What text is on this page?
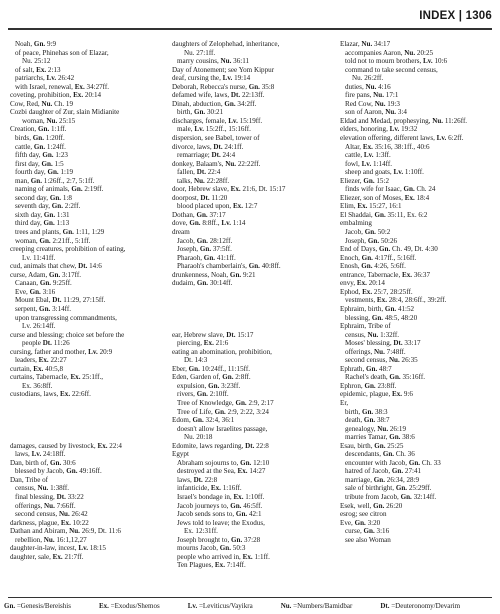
INDEX | 1306
Noah, Gn. 9:9
of peace, Phinehas son of Elazar,
Nu. 25:12
of salt, Ex. 2:13
patriarchs, Lv. 26:42
with Israel, renewal, Ex. 34:27ff.
coveting, prohibition, Ex. 20:14
Cow, Red, Nu. Ch. 19
Cozbi daughter of Zur, slain Midianite
woman, Nu. 25:15
Creation, Gn. 1:1ff.
birds, Gn. 1:20ff.
cattle, Gn. 1:24ff.
fifth day, Gn. 1:23
first day, Gn. 1:5
fourth day, Gn. 1:19
man, Gn. 1:26ff., 2:7, 5:1ff.
naming of animals, Gn. 2:19ff.
second day, Gn. 1:8
seventh day, Gn. 2:2ff.
sixth day, Gn. 1:31
third day, Gn. 1:13
trees and plants, Gn. 1:11, 1:29
woman, Gn. 2:21ff., 5:1ff.
creeping creatures, prohibition of eating,
Lv. 11:41ff.
cud, animals that chew, Dt. 14:6
curse, Adam, Gn. 3:17ff.
Canaan, Gn. 9:25ff.
Eve, Gn. 3:16
Mount Ebal, Dt. 11:29, 27:15ff.
serpent, Gn. 3:14ff.
upon transgressing commandments,
Lv. 26:14ff.
curse and blessing; choice set before the
people Dt. 11:26
cursing, father and mother, Lv. 20:9
leaders, Ex. 22:27
curtain, Ex. 40:5,8
curtains, Tabernacle, Ex. 25:1ff.,
Ex. 36:8ff.
custodians, laws, Ex. 22:6ff.
damages, caused by livestock, Ex. 22:4
laws, Lv. 24:18ff.
Dan, birth of, Gn. 30:6
blessed by Jacob, Gn. 49:16ff.
Dan, Tribe of
census, Nu. 1:38ff.
final blessing, Dt. 33:22
offerings, Nu. 7:66ff.
second census, Nu. 26:42
darkness, plague, Ex. 10:22
Dathan and Abiram, Nu. 26:9, Dt. 11:6
rebellion, Nu. 16:1,12,27
daughter-in-law, incest, Lv. 18:15
daughter, sale, Ex. 21:7ff.
daughters of Zelophehad, inheritance,
Nu. 27:1ff.
marry cousins, Nu. 36:11
Day of Atonement; see Yom Kippur
deaf, cursing the, Lv. 19:14
Deborah, Rebecca's nurse, Gn. 35:8
defamed wife, laws, Dt. 22:13ff.
Dinah, abduction, Gn. 34:2ff.
birth, Gn. 30:21
discharges, female, Lv. 15:19ff.
male, Lv. 15:2ff., 15:16ff.
dispersion, see Babel, tower of
divorce, laws, Dt. 24:1ff.
remarriage; Dt. 24:4
donkey, Balaam's, Nu. 22:22ff.
fallen, Dt. 22:4
talks, Nu. 22:28ff.
door, Hebrew slave, Ex. 21:6, Dt. 15:17
doorpost, Dt. 11:20
blood placed upon, Ex. 12:7
Dothan, Gn. 37:17
dove, Gn. 8:8ff., Lv. 1:14
dream
Jacob, Gn. 28:12ff.
Joseph, Gn. 37:5ff.
Pharaoh, Gn. 41:1ff.
Pharaoh's chamberlain's, Gn. 40:8ff.
drunkenness, Noah, Gn. 9:21
dudaim, Gn. 30:14ff.
ear, Hebrew slave, Dt. 15:17
piercing, Ex. 21:6
eating an abomination, prohibition,
Dt. 14:3
Eber, Gn. 10:24ff., 11:15ff.
Eden, Garden of, Gn. 2:8ff.
expulsion, Gn. 3:23ff.
rivers, Gn. 2:10ff.
Tree of Knowledge, Gn. 2:9, 2:17
Tree of Life, Gn. 2:9, 2:22, 3:24
Edom, Gn. 32:4, 36:1
doesn't allow Israelites passage,
Nu. 20:18
Edomite, laws regarding, Dt. 22:8
Egypt
Abraham sojourns to, Gn. 12:10
destroyed at the Sea, Ex. 14:27
laws, Dt. 22:8
infanticide, Ex. 1:16ff.
Israel's bondage in, Ex. 1:10ff.
Jacob journeys to, Gn. 46:5ff.
Jacob sends sons to, Gn. 42:1
Jews told to leave; the Exodus,
Ex. 12:31ff.
Joseph brought to, Gn. 37:28
mourns Jacob, Gn. 50:3
people who arrived in, Ex. 1:1ff.
Ten Plagues, Ex. 7:14ff.
Elazar, Nu. 34:17
accompanies Aaron, Nu. 20:25
told not to mourn brothers, Lv. 10:6
command to take second census,
Nu. 26:2ff.
duties, Nu. 4:16
fire pans, Nu. 17:1
Red Cow, Nu. 19:3
son of Aaron, Nu. 3:4
Eldad and Medad, prophesying, Nu. 11:26ff.
elders, honoring, Lv. 19:32
elevation offering, different laws, Lv. 6:2ff.
Altar, Ex. 35:16, 38:1ff., 40:6
cattle, Lv. 1:3ff.
fowl, Lv. 1:14ff.
sheep and goats, Lv. 1:10ff.
Eliezer, Gn. 15:2
finds wife for Isaac, Gn. Ch. 24
Eliezer, son of Moses, Ex. 18:4
Elim, Ex. 15:27, 16:1
El Shaddai, Gn. 35:11, Ex. 6:2
embalming
Jacob, Gn. 50:2
Joseph, Gn. 50:26
End of Days, Gn. Ch. 49, Dt. 4:30
Enoch, Gn. 4:17ff., 5:16ff.
Enosh, Gn. 4:26, 5:6ff.
entrance, Tabernacle, Ex. 36:37
envy, Ex. 20:14
Ephod, Ex. 25:7, 28:25ff.
vestments, Ex. 28:4, 28:6ff., 39:2ff.
Ephraim, birth, Gn. 41:52
blessing, Gn. 48:5, 48:20
Ephraim, Tribe of
census, Nu. 1:32ff.
Moses' blessing, Dt. 33:17
offerings, Nu. 7:48ff.
second census, Nu. 26:35
Ephrath, Gn. 48:7
Rachel's death, Gn. 35:16ff.
Ephron, Gn. 23:8ff.
epidemic, plague, Ex. 9:6
Er,
birth, Gn. 38:3
death, Gn. 38:7
genealogy, Nu. 26:19
marries Tamar, Gn. 38:6
Esau, birth, Gn. 25:25
descendants, Gn. Ch. 36
encounter with Jacob, Gn. Ch. 33
hatred of Jacob, Gn. 27:41
marriage, Gn. 26:34, 28:9
sale of birthright, Gn. 25:29ff.
tribute from Jacob, Gn. 32:14ff.
Esek, well, Gn. 26:20
esrog; see citron
Eve, Gn. 3:20
curse, Gn. 3:16
see also Woman
Gn. =Genesis/Bereishis	Ex. =Exodus/Shemos	Lv. =Leviticus/Vayikra	Nu. =Numbers/Bamidbar	Dt. =Deuteronomy/Devarim
